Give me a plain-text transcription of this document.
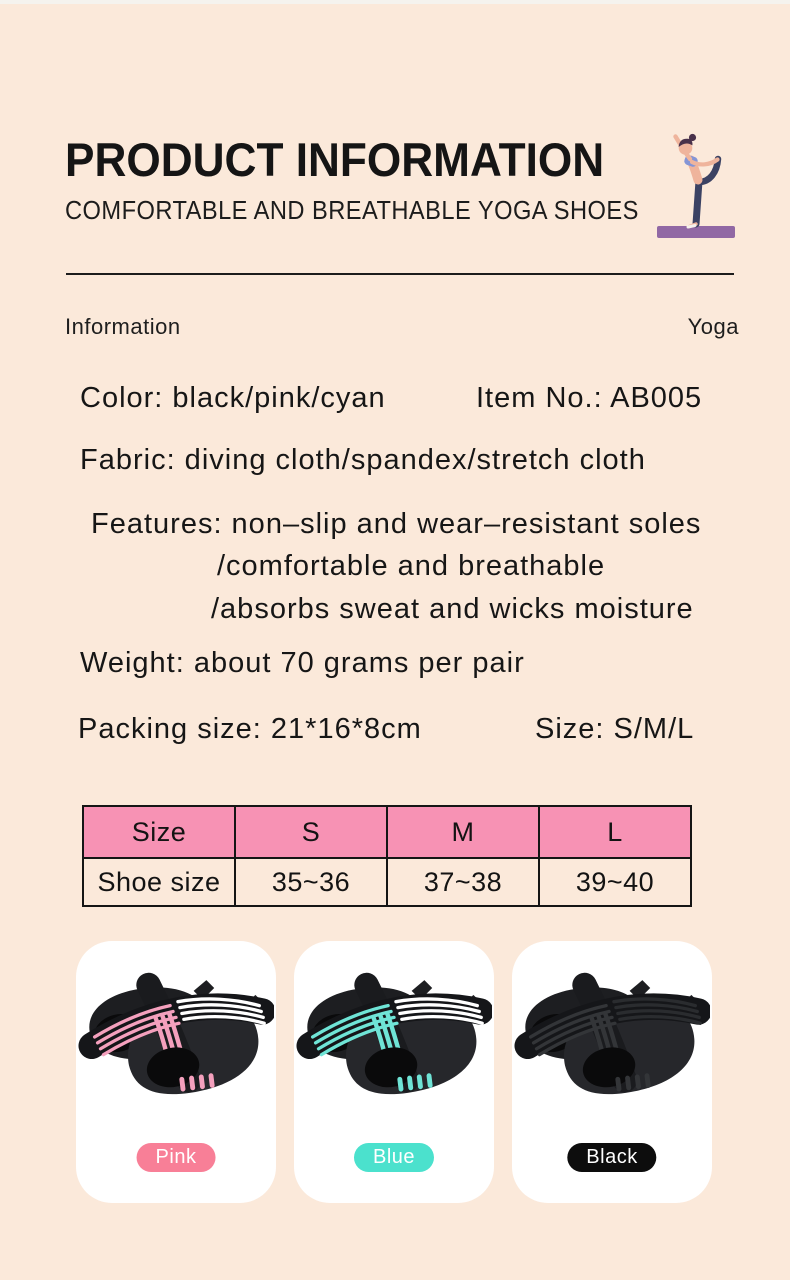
PRODUCT INFORMATION
COMFORTABLE AND BREATHABLE YOGA SHOES
Information	Yoga
Color: black/pink/cyan	Item No.: AB005
Fabric: diving cloth/spandex/stretch cloth
Features: non–slip and wear–resistant soles
/comfortable and breathable
/absorbs sweat and wicks moisture
Weight: about 70 grams per pair
Packing size: 21*16*8cm	Size: S/M/L
Size	S	M	L
Shoe size	35~36	37~38	39~40
Pink	Blue	Black
